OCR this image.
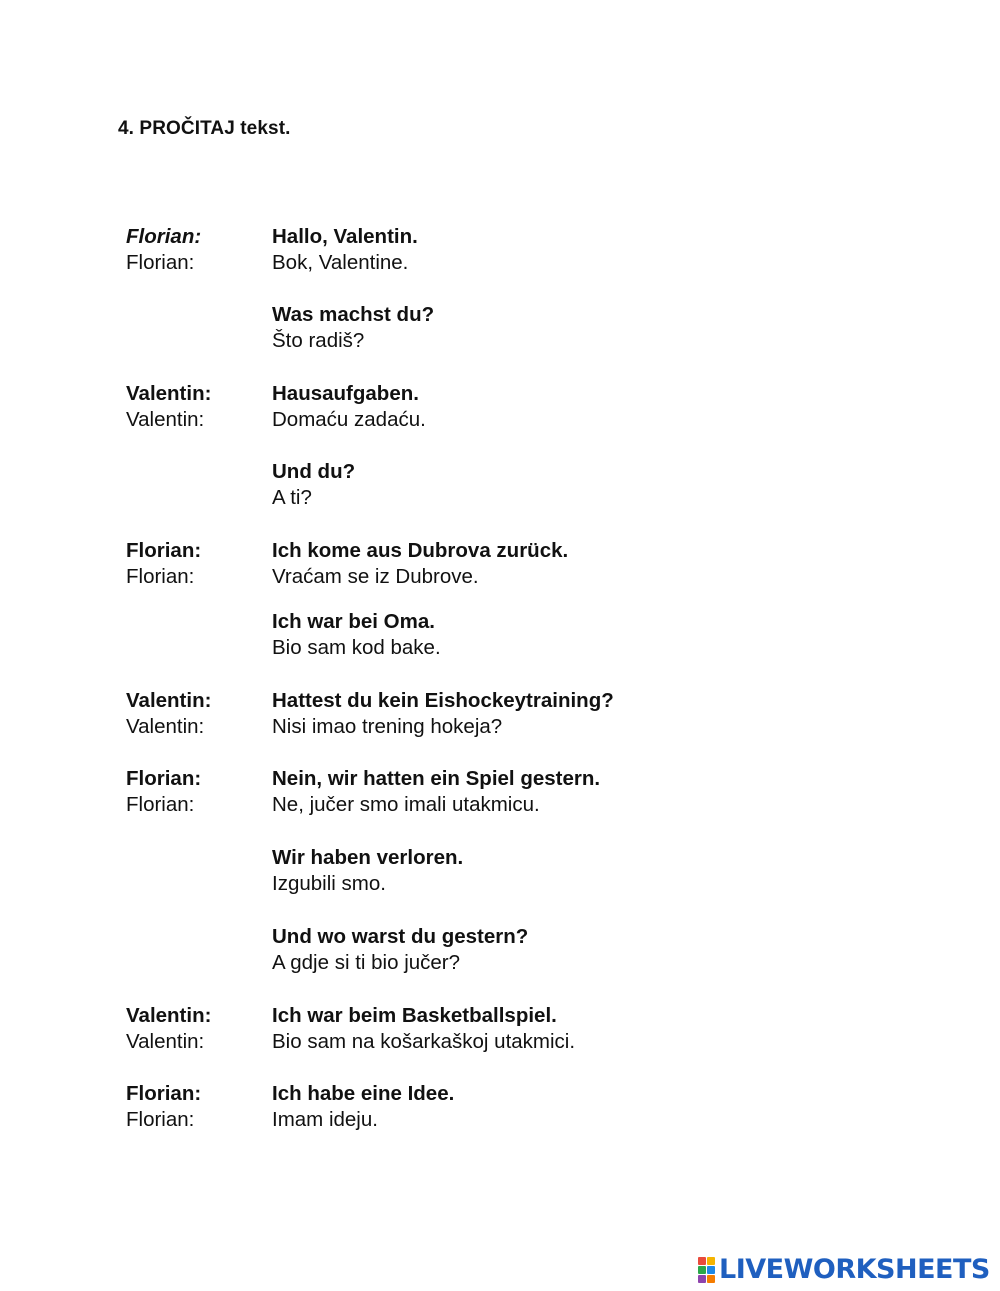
4. PROČITAJ tekst.
Florian:	Hallo, Valentin.
Florian:	Bok, Valentine.
Was machst du?
Što radiš?
Valentin:	Hausaufgaben.
Valentin:	Domaću zadaću.
Und du?
A ti?
Florian:	Ich kome aus Dubrova zurück.
Florian:	Vraćam se iz Dubrove.
Ich war bei Oma.
Bio sam kod bake.
Valentin:	Hattest du kein Eishockeytraining?
Valentin:	Nisi imao trening hokeja?
Florian:	Nein, wir hatten ein Spiel gestern.
Florian:	Ne, jučer smo imali utakmicu.
Wir haben verloren.
Izgubili smo.
Und wo warst du gestern?
A gdje si ti bio jučer?
Valentin:	Ich war beim Basketballspiel.
Valentin:	Bio sam na košarkaškoj utakmici.
Florian:	Ich habe eine Idee.
Florian:	Imam ideju.
LIVEWORKSHEETS
